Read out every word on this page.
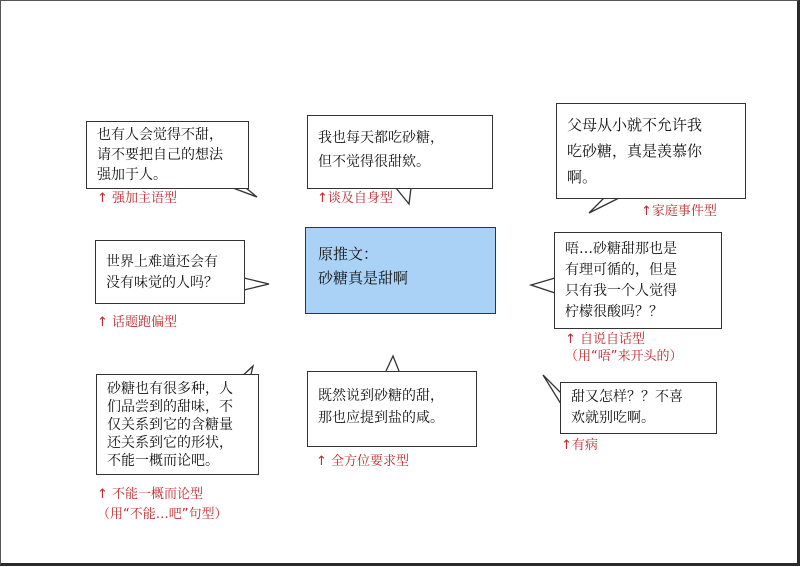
原推文：
砂糖真是甜啊
也有人会觉得不甜，
请不要把自己的想法
强加于人。
↑ 强加主语型
我也每天都吃砂糖，
但不觉得很甜欸。
↑谈及自身型
父母从小就不允许我
吃砂糖，真是羡慕你
啊。
↑家庭事件型
世界上难道还会有
没有味觉的人吗？
↑ 话题跑偏型
唔…砂糖甜那也是
有理可循的，但是
只有我一个人觉得
柠檬很酸吗？？
↑ 自说自话型
（用“唔”来开头的）
砂糖也有很多种，人
们品尝到的甜味，不
仅关系到它的含糖量
还关系到它的形状，
不能一概而论吧。
↑ 不能一概而论型
（用“不能…吧”句型）
既然说到砂糖的甜，
那也应提到盐的咸。
↑ 全方位要求型
甜又怎样？？不喜
欢就别吃啊。
↑有病
